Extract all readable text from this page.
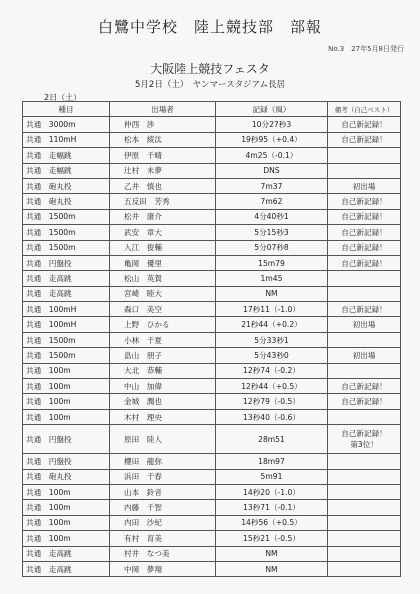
白鷺中学校　陸上競技部　部報
No.3　27年5月8日発行
大阪陸上競技フェスタ
5月2日（土）　ヤンマースタジアム長居
2日（土）
種目	出場者	記録（風）	備考（自己ベスト）
共通　3000m	仲西　渉	10分27秒3	自己新記録！
共通　110mH	松本　綾汰	19秒95（+0.4）	自己新記録！
共通　走幅跳	伊原　千晴	4m25（-0.1）	
共通　走幅跳	辻村　未夢	DNS	
共通　砲丸投	乙井　慎也	7m37	初出場
共通　砲丸投	五反田　芳秀	7m62	自己新記録！
共通　1500m	松井　康介	4分40秒1	自己新記録！
共通　1500m	武安　章大	5分15秒3	自己新記録！
共通　1500m	入江　俊輔	5分07秒8	自己新記録！
共通　円盤投	亀岡　優里	15m79	自己新記録！
共通　走高跳	松山　英賀	1m45	
共通　走高跳	宮崎　睦大	NM	
共通　100mH	森口　美空	17秒11（-1.0）	自己新記録！
共通　100mH	上野　ひかる	21秒44（+0.2）	初出場
共通　1500m	小林　千夏	5分33秒1	
共通　1500m	畠山　朋子	5分43秒0	初出場
共通　100m	大北　恭輔	12秒74（-0.2）	
共通　100m	中山　加偉	12秒44（+0.5）	自己新記録！
共通　100m	金城　潤也	12秒79（-0.5）	自己新記録！
共通　100m	木村　理央	13秒40（-0.6）	
共通　円盤投	原田　陸人	28m51	自己新記録！
第3位！

共通　円盤投	櫻田　龍弥	18m97	
共通　砲丸投	浜田　千春	5m91	
共通　100m	山本　鈴音	14秒20（-1.0）	
共通　100m	内藤　千智	13秒71（-0.1）	
共通　100m	内田　沙紀	14秒56（+0.5）	
共通　100m	有村　育美	15秒21（-0.5）	
共通　走高跳	村井　なつ美	NM	
共通　走高跳	中岡　夢翔	NM	
